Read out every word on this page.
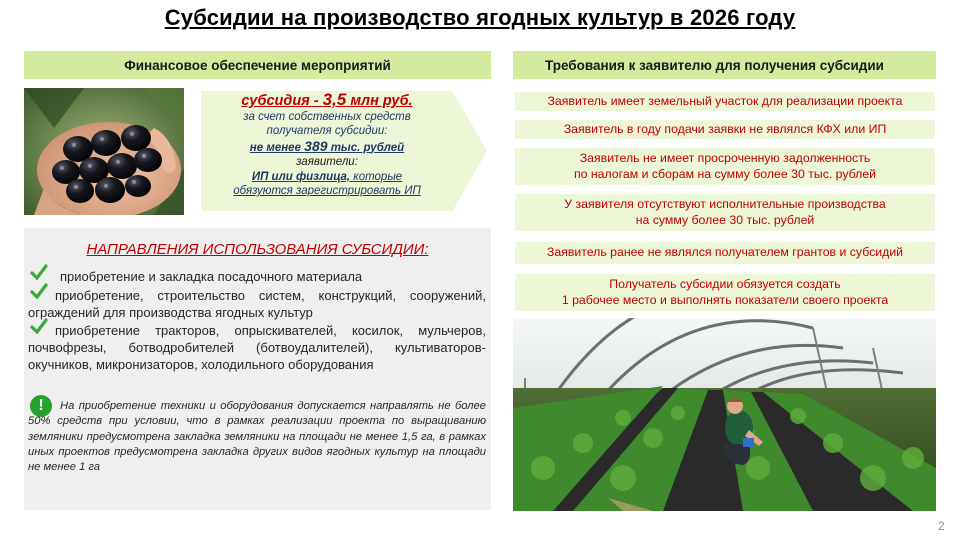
Субсидии на производство ягодных культур в 2026 году
Финансовое обеспечение мероприятий	Требования к заявителю для получения субсидии
субсидия - 3,5 млн руб.
за счет собственных средств
получателя субсидии:
не менее 389 тыс. рублей
заявители:
ИП или физлица, которые
обязуются зарегистрировать ИП
НАПРАВЛЕНИЯ ИСПОЛЬЗОВАНИЯ СУБСИДИИ:
приобретение и закладка посадочного материала
приобретение, строительство систем, конструкций, сооружений, ограждений для производства ягодных культур
приобретение тракторов, опрыскивателей, косилок, мульчеров, почвофрезы, ботводробителей (ботвоудалителей), культиваторов-окучников, микронизаторов, холодильного оборудования
!	На приобретение техники и оборудования допускается направлять не более 50% средств при условии, что в рамках реализации проекта по выращиванию земляники предусмотрена закладка земляники на площади не менее 1,5 га, в рамках иных проектов предусмотрена закладка других видов ягодных культур на площади не менее 1 га
Заявитель имеет земельный участок для реализации проекта
Заявитель в году подачи заявки не являлся КФХ или ИП
Заявитель не имеет просроченную задолженность
по налогам и сборам на сумму более 30 тыс. рублей
У заявителя отсутствуют исполнительные производства
на сумму более 30 тыс. рублей
Заявитель ранее не являлся получателем грантов и субсидий
Получатель субсидии обязуется создать
1 рабочее место и выполнять показатели своего проекта
2
